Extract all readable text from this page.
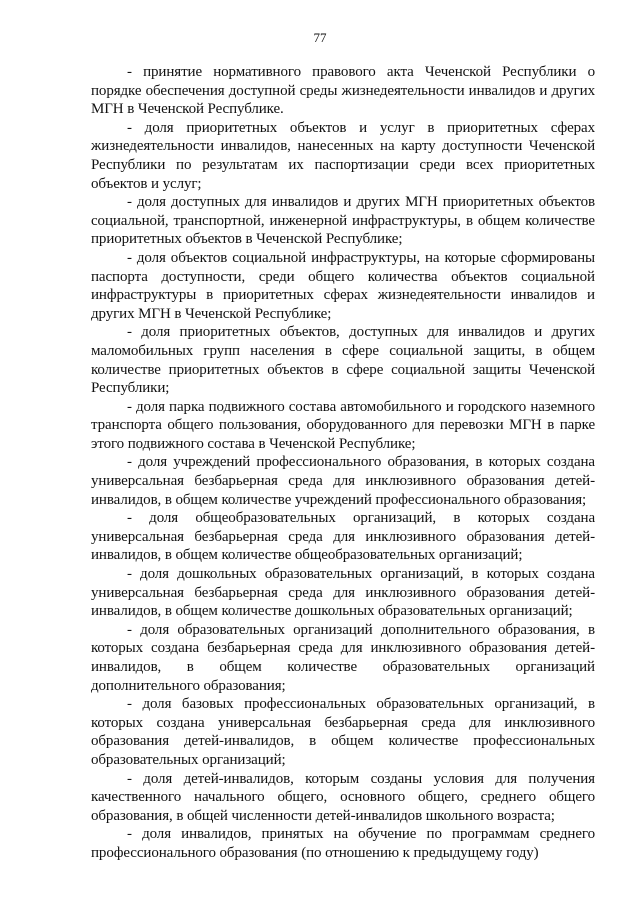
77

- принятие нормативного правового акта Чеченской Республики о порядке обеспечения доступной среды жизнедеятельности инвалидов и других МГН в Чеченской Республике.

- доля приоритетных объектов и услуг в приоритетных сферах жизнедеятельности инвалидов, нанесенных на карту доступности Чеченской Республики по результатам их паспортизации среди всех приоритетных объектов и услуг;

- доля доступных для инвалидов и других МГН приоритетных объектов социальной, транспортной, инженерной инфраструктуры, в общем количестве приоритетных объектов в Чеченской Республике;

- доля объектов социальной инфраструктуры, на которые сформированы паспорта доступности, среди общего количества объектов социальной инфраструктуры в приоритетных сферах жизнедеятельности инвалидов и других МГН в Чеченской Республике;

- доля приоритетных объектов, доступных для инвалидов и других маломобильных групп населения в сфере социальной защиты, в общем количестве приоритетных объектов в сфере социальной защиты Чеченской Республики;

- доля парка подвижного состава автомобильного и городского наземного транспорта общего пользования, оборудованного для перевозки МГН в парке этого подвижного состава в Чеченской Республике;

- доля учреждений профессионального образования, в которых создана универсальная безбарьерная среда для инклюзивного образования детей-инвалидов, в общем количестве учреждений профессионального образования;

- доля общеобразовательных организаций, в которых создана универсальная безбарьерная среда для инклюзивного образования детей-инвалидов, в общем количестве общеобразовательных организаций;

- доля дошкольных образовательных организаций, в которых создана универсальная безбарьерная среда для инклюзивного образования детей-инвалидов, в общем количестве дошкольных образовательных организаций;

- доля образовательных организаций дополнительного образования, в которых создана безбарьерная среда для инклюзивного образования детей-инвалидов, в общем количестве образовательных организаций дополнительного образования;

- доля базовых профессиональных образовательных организаций, в которых создана универсальная безбарьерная среда для инклюзивного образования детей-инвалидов, в общем количестве профессиональных образовательных организаций;

- доля детей-инвалидов, которым созданы условия для получения качественного начального общего, основного общего, среднего общего образования, в общей численности детей-инвалидов школьного возраста;

- доля инвалидов, принятых на обучение по программам среднего профессионального образования (по отношению к предыдущему году)
